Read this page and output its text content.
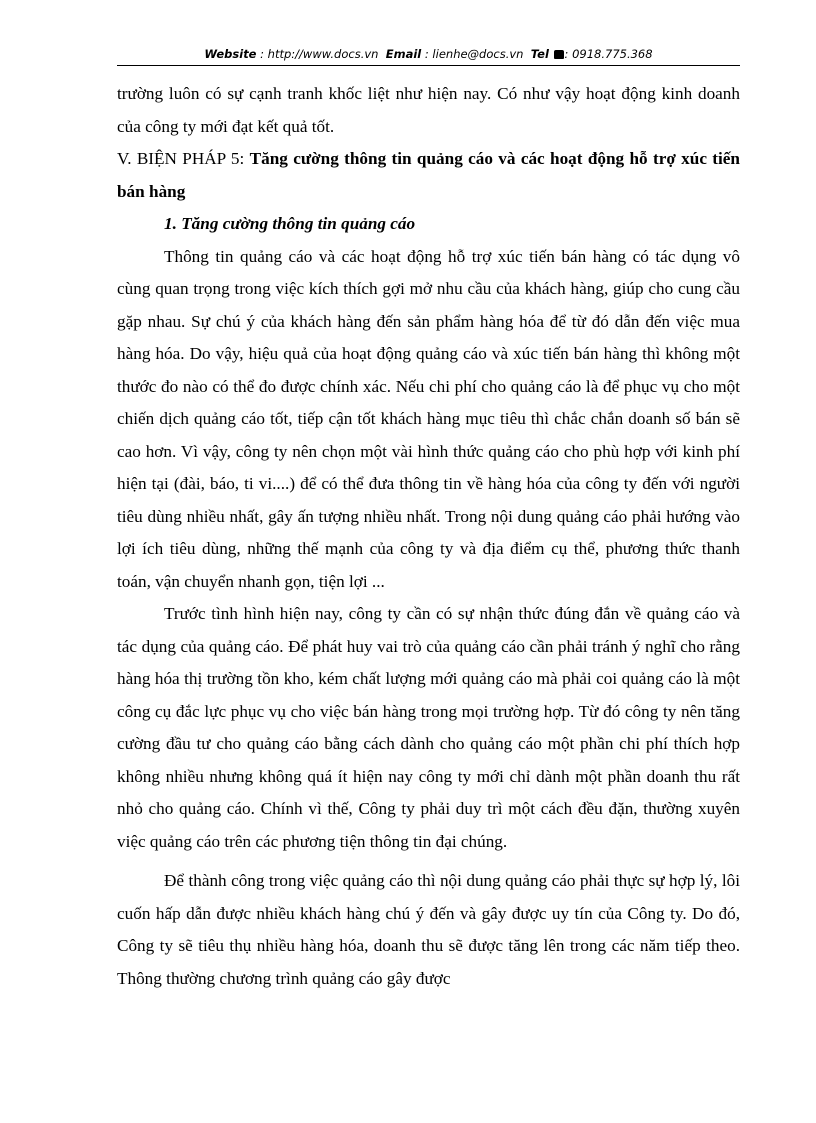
Website : http://www.docs.vn Email : lienhe@docs.vn Tel : 0918.775.368

trường luôn có sự cạnh tranh khốc liệt như hiện nay. Có như vậy hoạt động kinh doanh của công ty mới đạt kết quả tốt.

V. BIỆN PHÁP 5: Tăng cường thông tin quảng cáo và các hoạt động hỗ trợ xúc tiến bán hàng

1. Tăng cường thông tin quảng cáo

Thông tin quảng cáo và các hoạt động hỗ trợ xúc tiến bán hàng có tác dụng vô cùng quan trọng trong việc kích thích gợi mở nhu cầu của khách hàng, giúp cho cung cầu gặp nhau. Sự chú ý của khách hàng đến sản phẩm hàng hóa để từ đó dẫn đến việc mua hàng hóa. Do vậy, hiệu quả của hoạt động quảng cáo và xúc tiến bán hàng thì không một thước đo nào có thể đo được chính xác. Nếu chi phí cho quảng cáo là để phục vụ cho một chiến dịch quảng cáo tốt, tiếp cận tốt khách hàng mục tiêu thì chắc chắn doanh số bán sẽ cao hơn. Vì vậy, công ty nên chọn một vài hình thức quảng cáo cho phù hợp với kinh phí hiện tại (đài, báo, ti vi....) để có thể đưa thông tin về hàng hóa của công ty đến với người tiêu dùng nhiều nhất, gây ấn tượng nhiều nhất. Trong nội dung quảng cáo phải hướng vào lợi ích tiêu dùng, những thế mạnh của công ty và địa điểm cụ thể, phương thức thanh toán, vận chuyển nhanh gọn, tiện lợi ...

Trước tình hình hiện nay, công ty cần có sự nhận thức đúng đắn về quảng cáo và tác dụng của quảng cáo. Để phát huy vai trò của quảng cáo cần phải tránh ý nghĩ cho rằng hàng hóa thị trường tồn kho, kém chất lượng mới quảng cáo mà phải coi quảng cáo là một công cụ đắc lực phục vụ cho việc bán hàng trong mọi trường hợp. Từ đó công ty nên tăng cường đầu tư cho quảng cáo bằng cách dành cho quảng cáo một phần chi phí thích hợp không nhiều nhưng không quá ít hiện nay công ty mới chỉ dành một phần doanh thu rất nhỏ cho quảng cáo. Chính vì thế, Công ty phải duy trì một cách đều đặn, thường xuyên việc quảng cáo trên các phương tiện thông tin đại chúng.

Để thành công trong việc quảng cáo thì nội dung quảng cáo phải thực sự hợp lý, lôi cuốn hấp dẫn được nhiều khách hàng chú ý đến và gây được uy tín của Công ty. Do đó, Công ty sẽ tiêu thụ nhiều hàng hóa, doanh thu sẽ được tăng lên trong các năm tiếp theo. Thông thường chương trình quảng cáo gây được
